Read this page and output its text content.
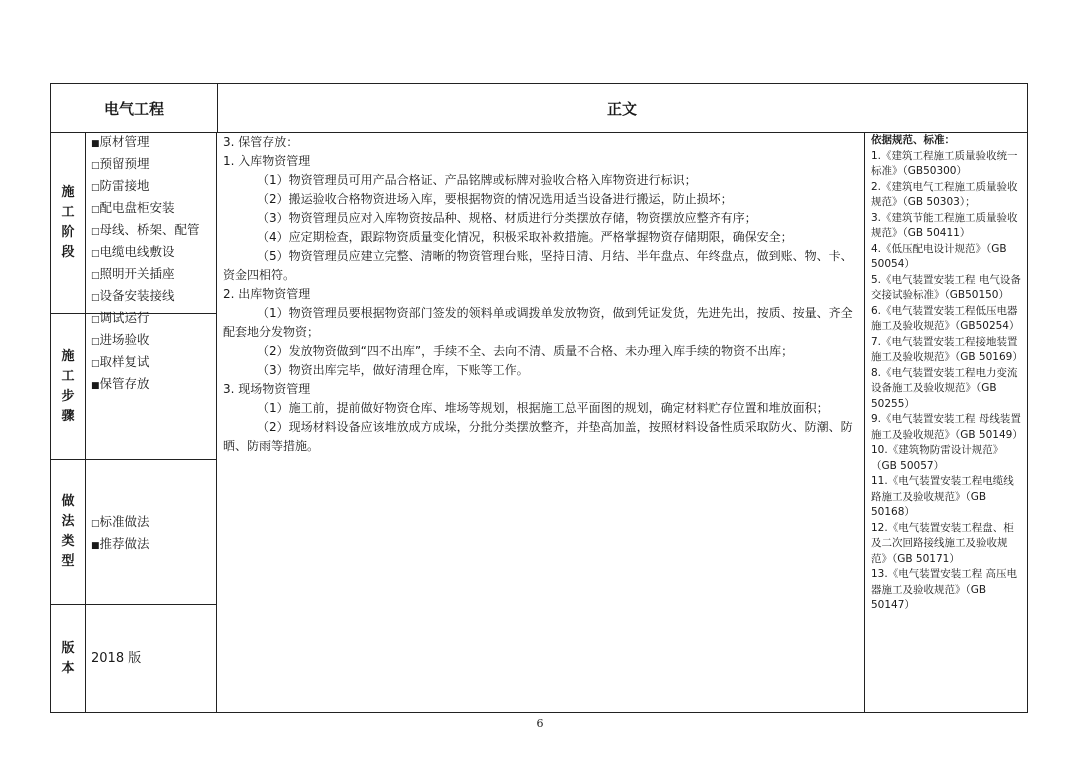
电气工程	正文
施
工
阶
段
■原材管理
□预留预埋
□防雷接地
□配电盘柜安装
□母线、桥架、配管
□电缆电线敷设
□照明开关插座
□设备安装接线
□调试运行
施
工
步
骤
□进场验收
□取样复试
■保管存放
做
法
类
型
□标准做法
■推荐做法
版
本
2018 版

3. 保管存放：

1. 入库物资管理

（1）物资管理员可用产品合格证、产品铭牌或标牌对验收合格入库物资进行标识；

（2）搬运验收合格物资进场入库，要根据物资的情况选用适当设备进行搬运，防止损坏；

（3）物资管理员应对入库物资按品种、规格、材质进行分类摆放存储，物资摆放应整齐有序；

（4）应定期检查，跟踪物资质量变化情况，积极采取补救措施。严格掌握物资存储期限，确保安全；

（5）物资管理员应建立完整、清晰的物资管理台账，坚持日清、月结、半年盘点、年终盘点，做到账、物、卡、资金四相符。

2. 出库物资管理

（1）物资管理员要根据物资部门签发的领料单或调拨单发放物资，做到凭证发货，先进先出，按质、按量、齐全配套地分发物资；

（2）发放物资做到“四不出库”，手续不全、去向不清、质量不合格、未办理入库手续的物资不出库；

（3）物资出库完毕，做好清理仓库，下账等工作。

3. 现场物资管理

（1）施工前，提前做好物资仓库、堆场等规划，根据施工总平面图的规划，确定材料贮存位置和堆放面积；

（2）现场材料设备应该堆放成方成垛，分批分类摆放整齐，并垫高加盖，按照材料设备性质采取防火、防潮、防晒、防雨等措施。

依据规范、标准：
1.《建筑工程施工质量验收统一标准》（GB50300）
2.《建筑电气工程施工质量验收规范》（GB 50303）；
3.《建筑节能工程施工质量验收规范》（GB 50411）
4.《低压配电设计规范》（GB 50054）
5.《电气装置安装工程 电气设备交接试验标准》（GB50150）
6.《电气装置安装工程低压电器施工及验收规范》（GB50254）
7.《电气装置安装工程接地装置施工及验收规范》（GB 50169）
8.《电气装置安装工程电力变流设备施工及验收规范》（GB 50255）
9.《电气装置安装工程 母线装置施工及验收规范》（GB 50149）
10.《建筑物防雷设计规范》（GB 50057）
11.《电气装置安装工程电缆线路施工及验收规范》（GB 50168）
12.《电气装置安装工程盘、柜及二次回路接线施工及验收规范》（GB 50171）
13.《电气装置安装工程 高压电器施工及验收规范》（GB 50147）
6
